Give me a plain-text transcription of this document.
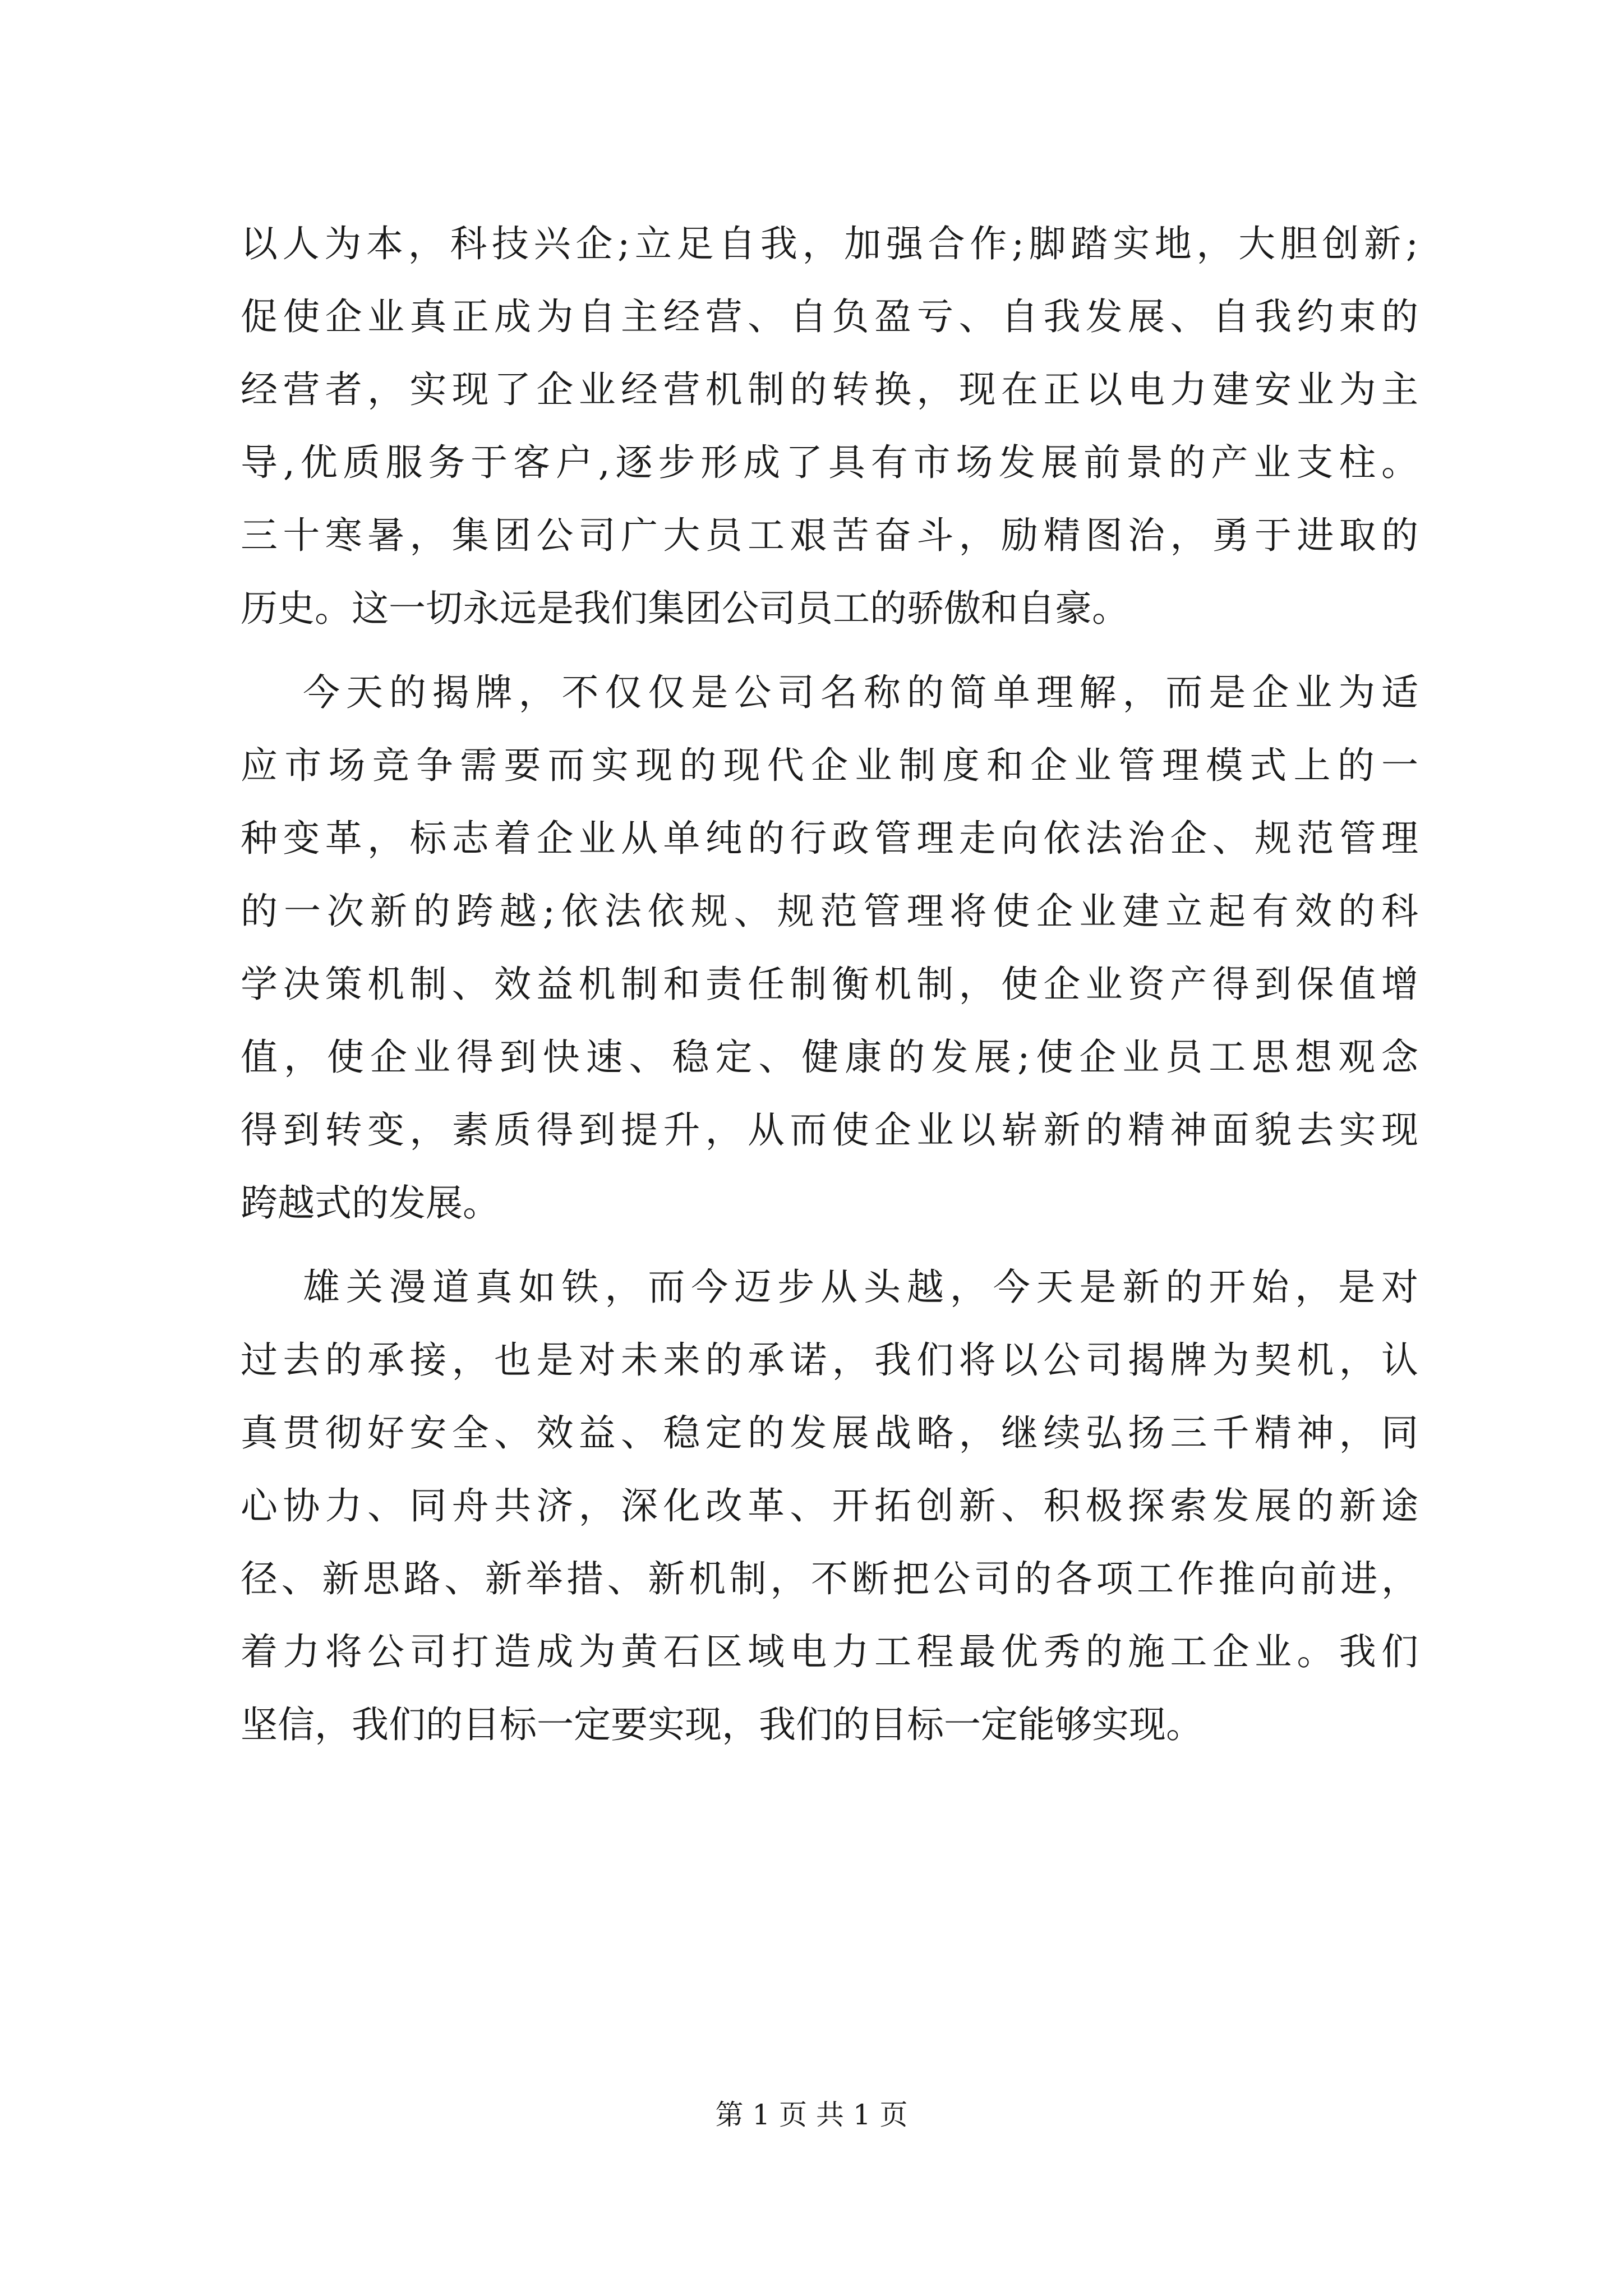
以人为本，科技兴企;立足自我，加强合作;脚踏实地，大胆创新;
促使企业真正成为自主经营、自负盈亏、自我发展、自我约束的
经营者，实现了企业经营机制的转换，现在正以电力建安业为主
导,优质服务于客户,逐步形成了具有市场发展前景的产业支柱。
三十寒暑，集团公司广大员工艰苦奋斗，励精图治，勇于进取的
历史。这一切永远是我们集团公司员工的骄傲和自豪。
今天的揭牌，不仅仅是公司名称的简单理解，而是企业为适
应市场竞争需要而实现的现代企业制度和企业管理模式上的一
种变革，标志着企业从单纯的行政管理走向依法治企、规范管理
的一次新的跨越;依法依规、规范管理将使企业建立起有效的科
学决策机制、效益机制和责任制衡机制，使企业资产得到保值增
值，使企业得到快速、稳定、健康的发展;使企业员工思想观念
得到转变，素质得到提升，从而使企业以崭新的精神面貌去实现
跨越式的发展。
雄关漫道真如铁，而今迈步从头越，今天是新的开始，是对
过去的承接，也是对未来的承诺，我们将以公司揭牌为契机，认
真贯彻好安全、效益、稳定的发展战略，继续弘扬三千精神，同
心协力、同舟共济，深化改革、开拓创新、积极探索发展的新途
径、新思路、新举措、新机制，不断把公司的各项工作推向前进，
着力将公司打造成为黄石区域电力工程最优秀的施工企业。我们
坚信，我们的目标一定要实现，我们的目标一定能够实现。
第 1 页 共 1 页
